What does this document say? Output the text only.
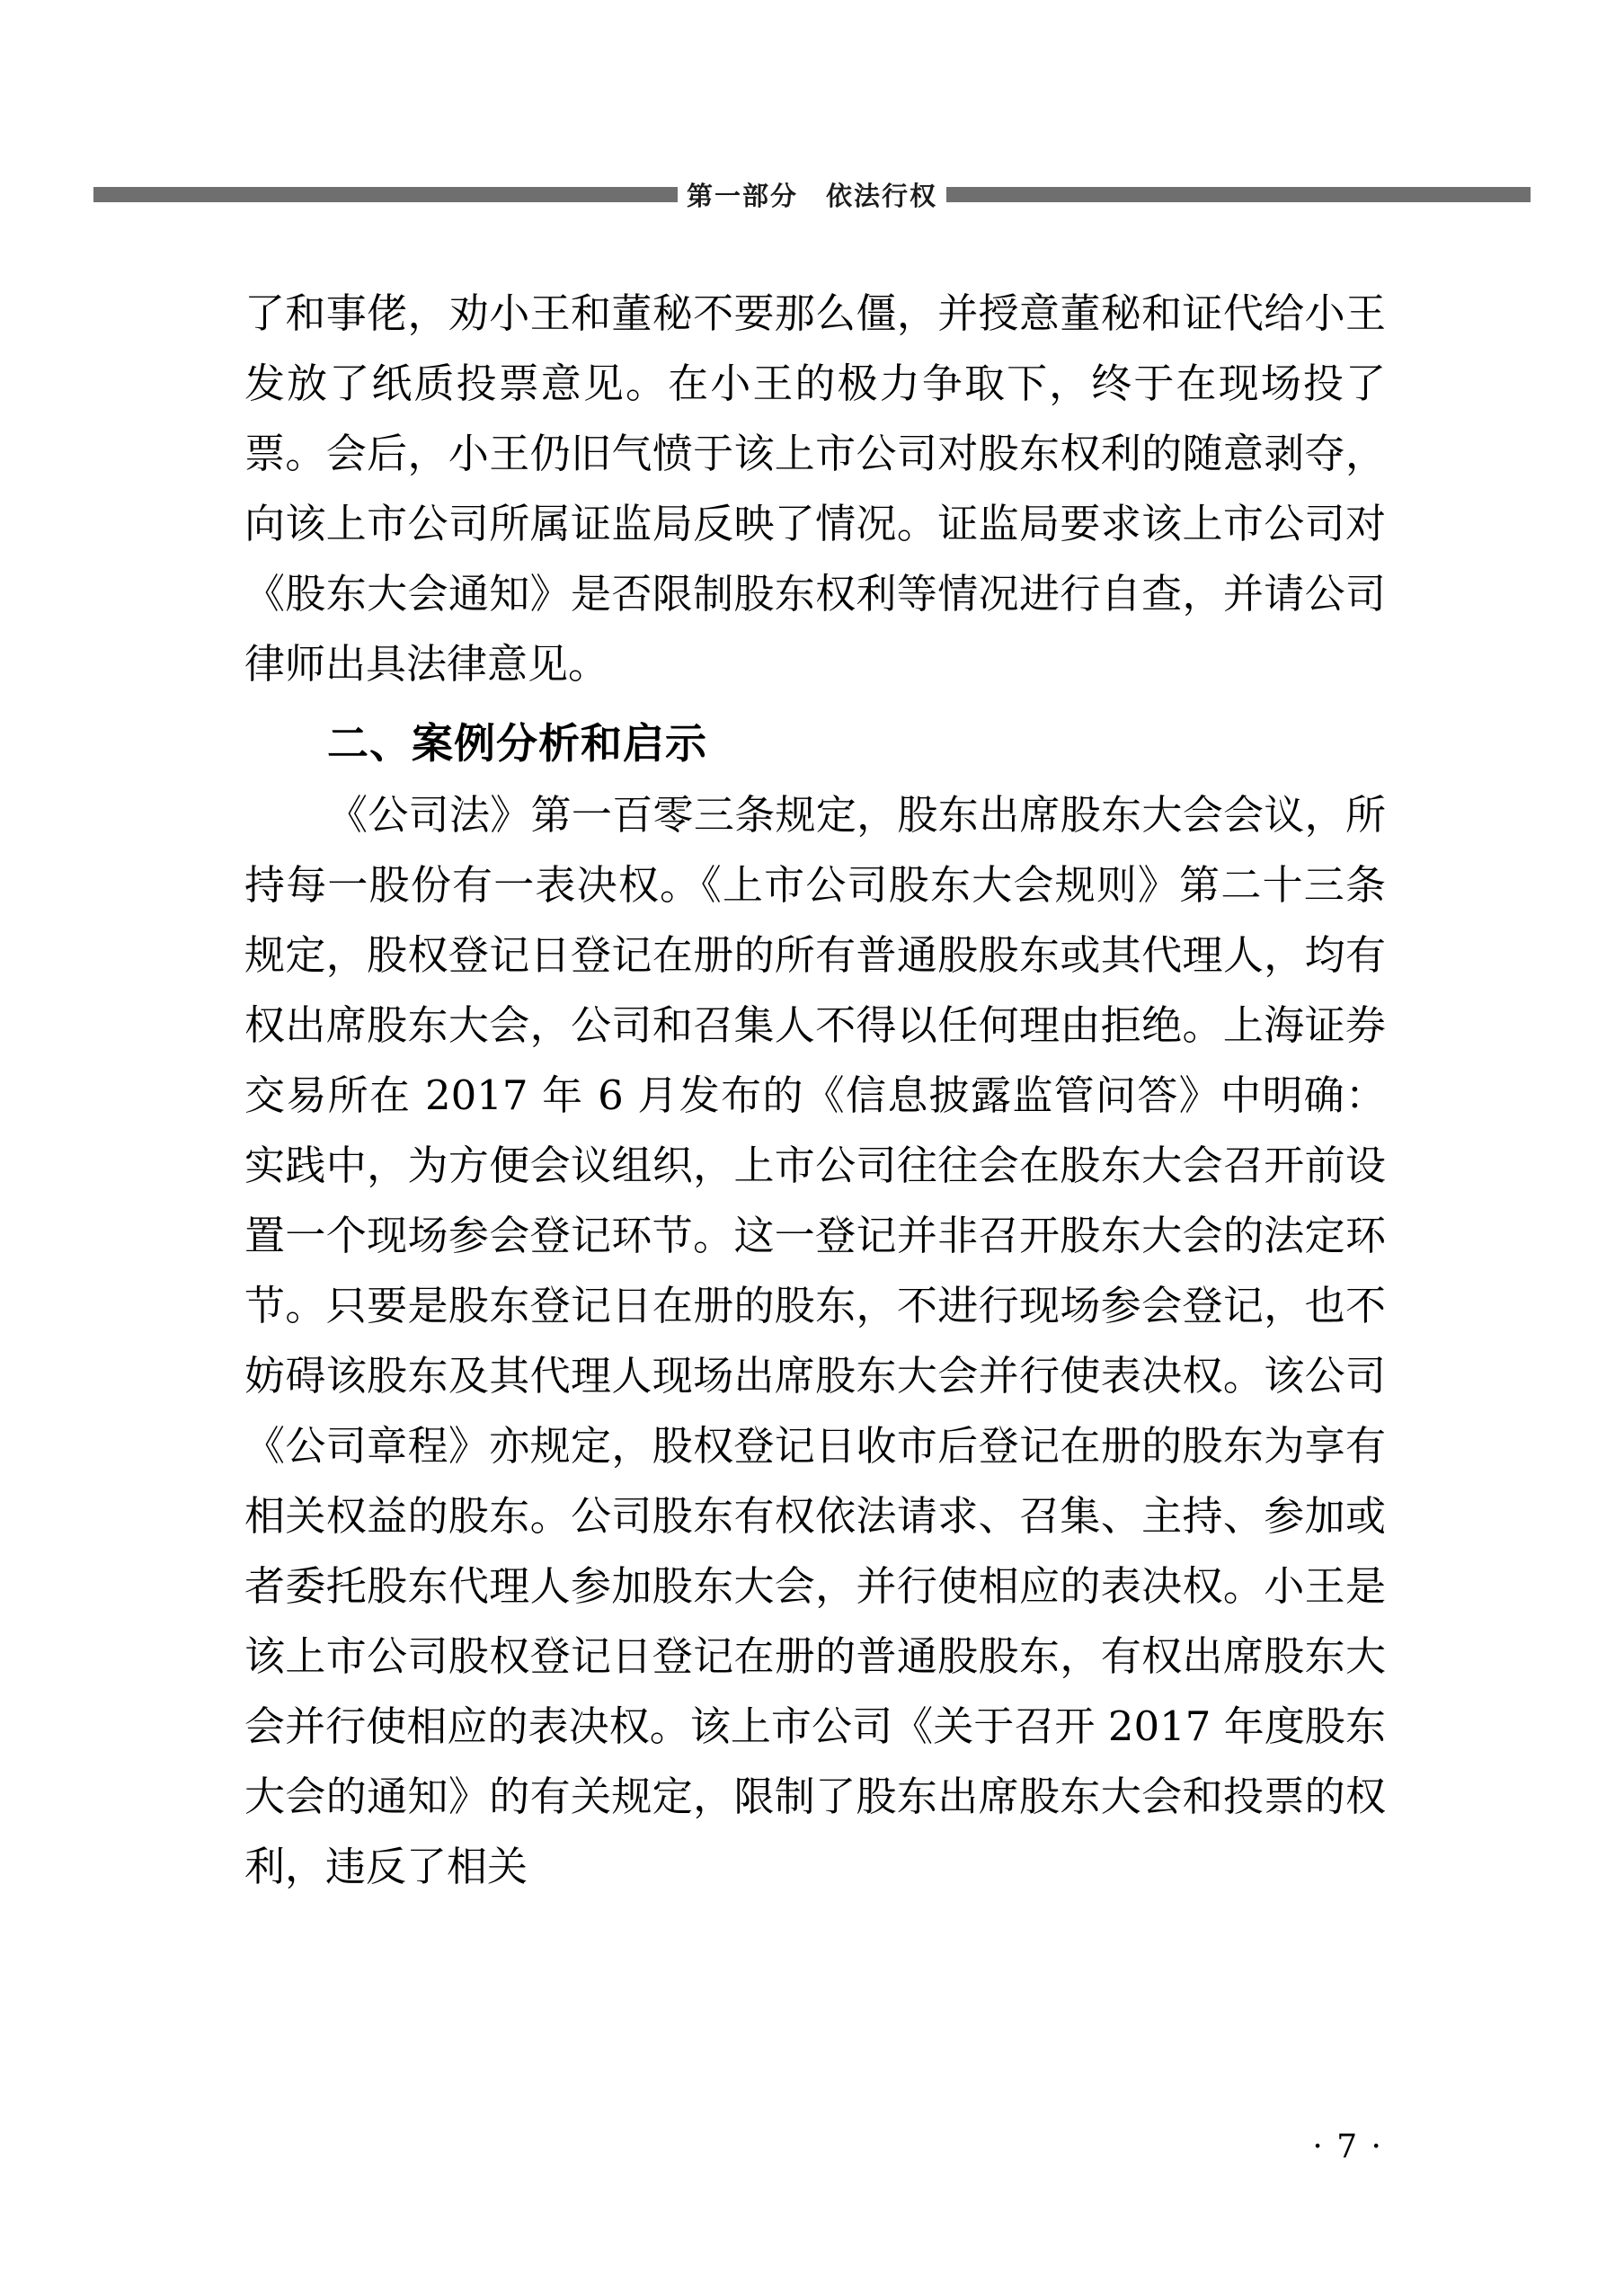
第一部分　依法行权

了和事佬，劝小王和董秘不要那么僵，并授意董秘和证代给小王发放了纸质投票意见。在小王的极力争取下，终于在现场投了票。会后，小王仍旧气愤于该上市公司对股东权利的随意剥夺，向该上市公司所属证监局反映了情况。证监局要求该上市公司对《股东大会通知》是否限制股东权利等情况进行自查，并请公司律师出具法律意见。

二、案例分析和启示

《公司法》第一百零三条规定，股东出席股东大会会议，所持每一股份有一表决权。《上市公司股东大会规则》第二十三条规定，股权登记日登记在册的所有普通股股东或其代理人，均有权出席股东大会，公司和召集人不得以任何理由拒绝。上海证券交易所在 2017 年 6 月发布的《信息披露监管问答》中明确：实践中，为方便会议组织，上市公司往往会在股东大会召开前设置一个现场参会登记环节。这一登记并非召开股东大会的法定环节。只要是股东登记日在册的股东，不进行现场参会登记，也不妨碍该股东及其代理人现场出席股东大会并行使表决权。该公司《公司章程》亦规定，股权登记日收市后登记在册的股东为享有相关权益的股东。公司股东有权依法请求、召集、主持、参加或者委托股东代理人参加股东大会，并行使相应的表决权。小王是该上市公司股权登记日登记在册的普通股股东，有权出席股东大会并行使相应的表决权。该上市公司《关于召开 2017 年度股东大会的通知》的有关规定，限制了股东出席股东大会和投票的权利，违反了相关

· 7 ·
